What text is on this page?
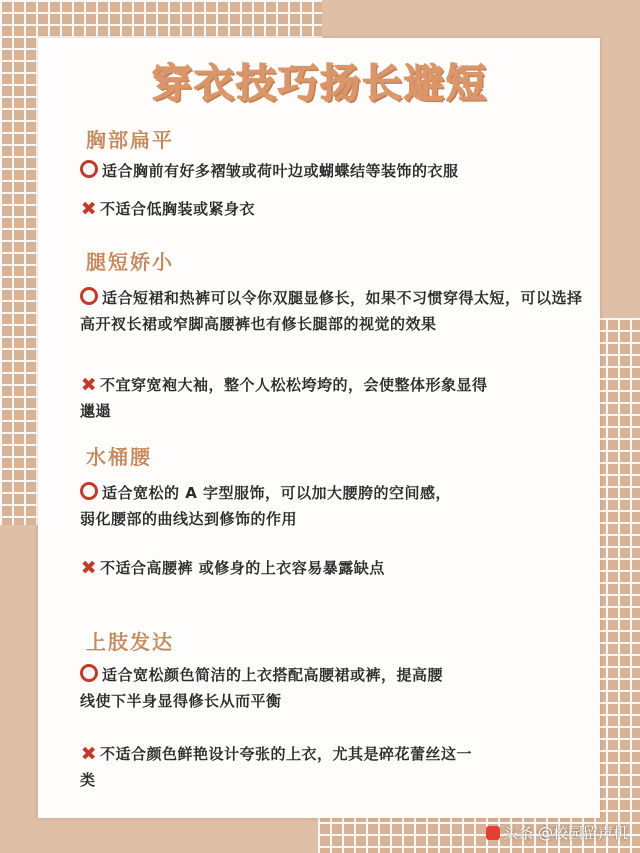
穿衣技巧扬长避短
胸部扁平
适合胸前有好多褶皱或荷叶边或蝴蝶结等装饰的衣服
✖ 不适合低胸装或紧身衣
腿短娇小
适合短裙和热裤可以令你双腿显修长，如果不习惯穿得太短，可以选择高开衩长裙或窄脚高腰裤也有修长腿部的视觉的效果
✖ 不宜穿宽袍大袖，整个人松松垮垮的，会使整体形象显得邋遢
水桶腰
适合宽松的 A 字型服饰，可以加大腰胯的空间感，弱化腰部的曲线达到修饰的作用
✖ 不适合高腰裤 或修身的上衣容易暴露缺点
上肢发达
适合宽松颜色简洁的上衣搭配高腰裙或裤，提高腰线使下半身显得修长从而平衡
✖ 不适合颜色鲜艳设计夸张的上衣，尤其是碎花蕾丝这一类
头条 @校园留声机
